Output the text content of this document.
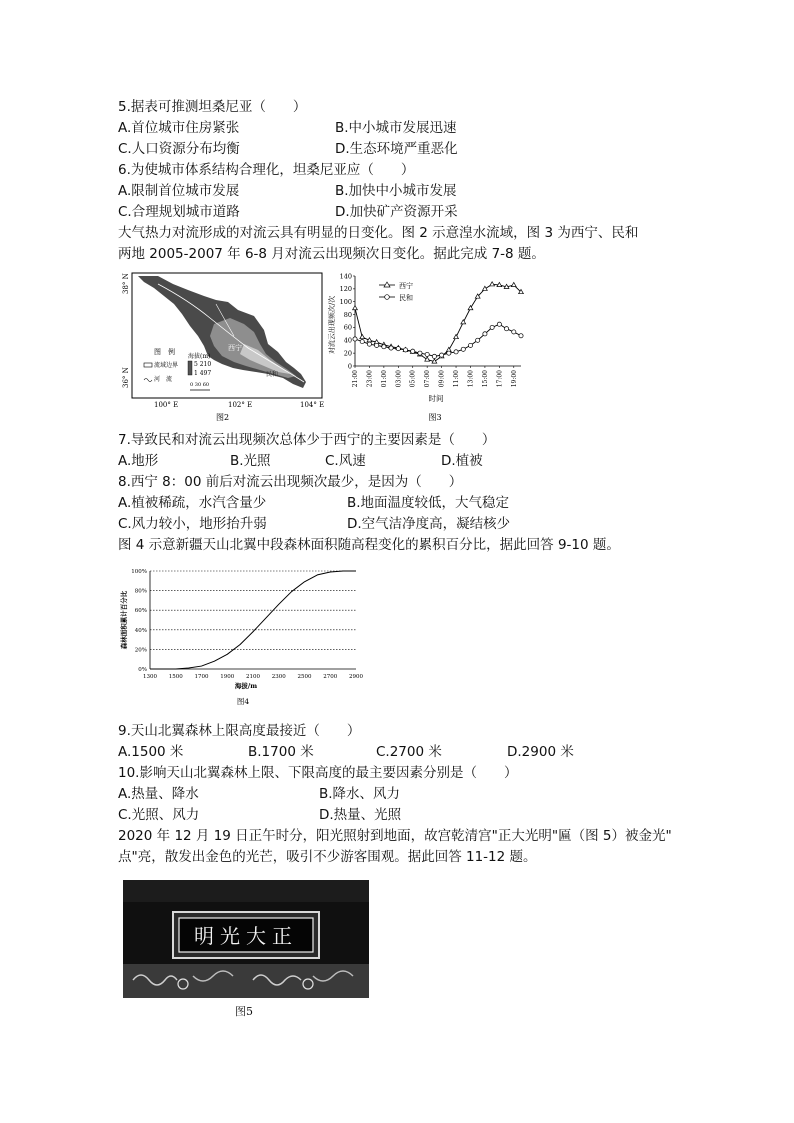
5.据表可推测坦桑尼亚（　　）
A.首位城市住房紧张	B.中小城市发展迅速
C.人口资源分布均衡	D.生态环境严重恶化
6.为使城市体系结构合理化，坦桑尼亚应（　　）
A.限制首位城市发展	B.加快中小城市发展
C.合理规划城市道路	D.加快矿产资源开采
大气热力对流形成的对流云具有明显的日变化。图 2 示意湟水流域，图 3 为西宁、民和
两地 2005-2007 年 6-8 月对流云出现频次日变化。据此完成 7-8 题。
西宁
民和
图　例
流域边界
河　流
海拔(m)
5 210
1 497
0 30 60
38° N
36° N
100° E	102° E	104° E
图2
对流云出现频次/次
时间
图3
西宁
民和
0
20
40
60
80
100
120
140
21:00 23:00 01:00 03:00 05:00 07:00 09:00 11:00 13:00 15:00 17:00 19:00
7.导致民和对流云出现频次总体少于西宁的主要因素是（　　）
A.地形	B.光照	C.风速	D.植被
8.西宁 8：00 前后对流云出现频次最少，是因为（　　）
A.植被稀疏，水汽含量少	B.地面温度较低，大气稳定
C.风力较小，地形抬升弱	D.空气洁净度高，凝结核少
图 4 示意新疆天山北翼中段森林面积随高程变化的累积百分比，据此回答 9-10 题。
森林面积累计百分比
海拔/m
图4
0%
20%
40%
60%
80%
100%
1300 1500 1700 1900 2100 2300 2500 2700 2900
9.天山北翼森林上限高度最接近（　　）
A.1500 米	B.1700 米	C.2700 米	D.2900 米
10.影响天山北翼森林上限、下限高度的最主要因素分别是（　　）
A.热量、降水	B.降水、风力
C.光照、风力	D.热量、光照
2020 年 12 月 19 日正午时分，阳光照射到地面，故宫乾清宫"正大光明"匾（图 5）被金光"
点"亮，散发出金色的光芒，吸引不少游客围观。据此回答 11-12 题。
明光大正
图5
